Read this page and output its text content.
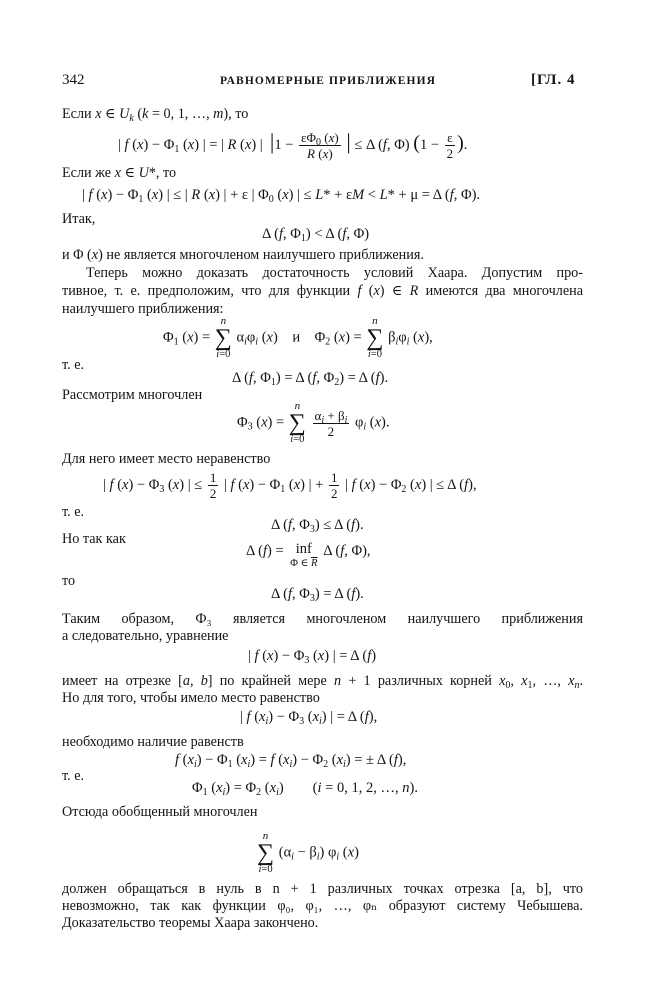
342	РАВНОМЕРНЫЕ ПРИБЛИЖЕНИЯ	[ГЛ. 4
Если x ∈ $U_k$ (k = 0, 1, …, m), то
| f $(x) - \Phi_1$ (x) | = | R (x) |  $|1 - \frac{\varepsilon\Phi_0 (x)}{R (x)}$ | ≤ Δ (f, Φ) ($1 - \frac{\varepsilon}{2}$ ).
Если же x ∈ U*, то
| f $(x) - \Phi_1$ (x) | ≤ | R (x) | + ε | $\Phi_0$ (x) | ≤ L* + εM < L* + μ = Δ (f, Φ).
Итак,
Δ (f, $\Phi_1) < \Delta$ (f, Φ)
и Φ (x) не является многочленом наилучшего приближения.
Теперь можно доказать достаточность условий Хаара. Допустим про-
тивное, т. е. предположим, что для функции f (x) ∈ R имеются два многочлена
наилучшего приближения:
$\Phi_1$ (x) =
n
∑
i=0
$\alpha_i\varphi_i$ (x)    и    $\Phi_2$ (x) =
n
∑
i=0
$\beta_i\varphi_i$ (x),
т. е.
Δ (f, $\Phi_1) = \Delta$ (f, $\Phi_2) = \Delta$ (f).
Рассмотрим многочлен
$\Phi_3$ (x) =
n
∑
i=0

$\frac{\alpha_i + \beta_i}{2} \varphi_i$ (x).
Для него имеет место неравенство
| f $(x) - \Phi_3$ (x) | ≤ $\frac{1}{2}$ | f $(x) - \Phi_1$ (x) | + $\frac{1}{2}$ | f $(x) - \Phi_2$ (x) | ≤ Δ (f),
т. е.
Δ (f, $\Phi_3) \le \Delta$ (f).
Но так как
Δ (f) = inf
Φ ∈ $\overline{R}$
Δ (f, Φ),
то
Δ (f, $\Phi_3) = \Delta$ (f).
Таким образом, Ф₃ является многочленом наилучшего приближения
а следовательно, уравнение
| f $(x) - \Phi_3$ (x) | = Δ (f)
имеет на отрезке [a, b] по крайней мере n + 1 различных корней $x_0$, $x_1$, …, $x_n$.
Но для того, чтобы имело место равенство
| f $(x_i) - \Phi_3$ $(x_i)$ | = Δ (f),
необходимо наличие равенств
f $(x_i) - \Phi_1$ $(x_i) = f$ $(x_i) - \Phi_2$ $(x_i)$ = ± Δ (f),
т. е.
$\Phi_1$ $(x_i) = \Phi_2$ $(x_i)$        (i = 0, 1, 2, …, n).
Отсюда обобщенный многочлен
n
∑
i=0
$(\alpha_i - \beta_i)$ $\varphi_i$ (x)
должен обращаться в нуль в n + 1 различных точках отрезка [a, b], что
невозможно, так как функции φ₀, φ₁, …, φₙ образуют систему Чебышева.
Доказательство теоремы Хаара закончено.
